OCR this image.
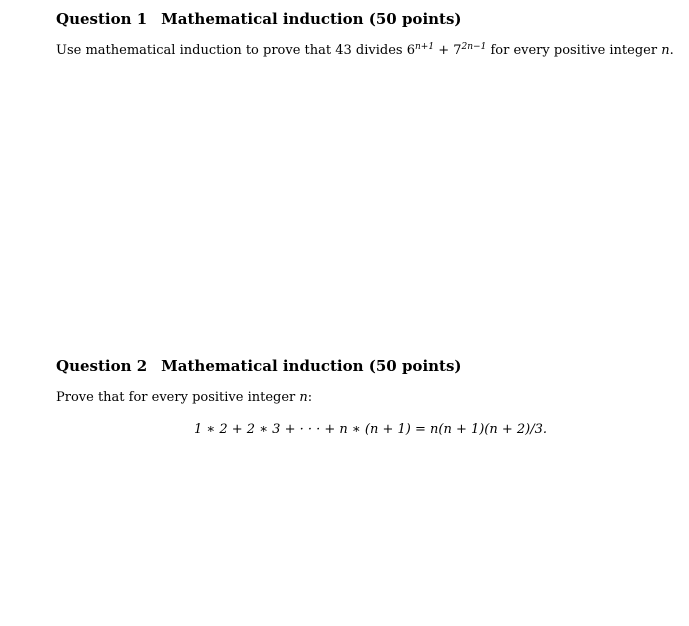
Question 1 Mathematical induction (50 points)
Use mathematical induction to prove that 43 divides $6^{n+1} + 7^{2n-1}$ for every positive integer n.
Question 2 Mathematical induction (50 points)
Prove that for every positive integer n:
1 ∗ 2 + 2 ∗ 3 + · · · + n ∗ (n + 1) = n(n + 1)(n + 2)/3.
